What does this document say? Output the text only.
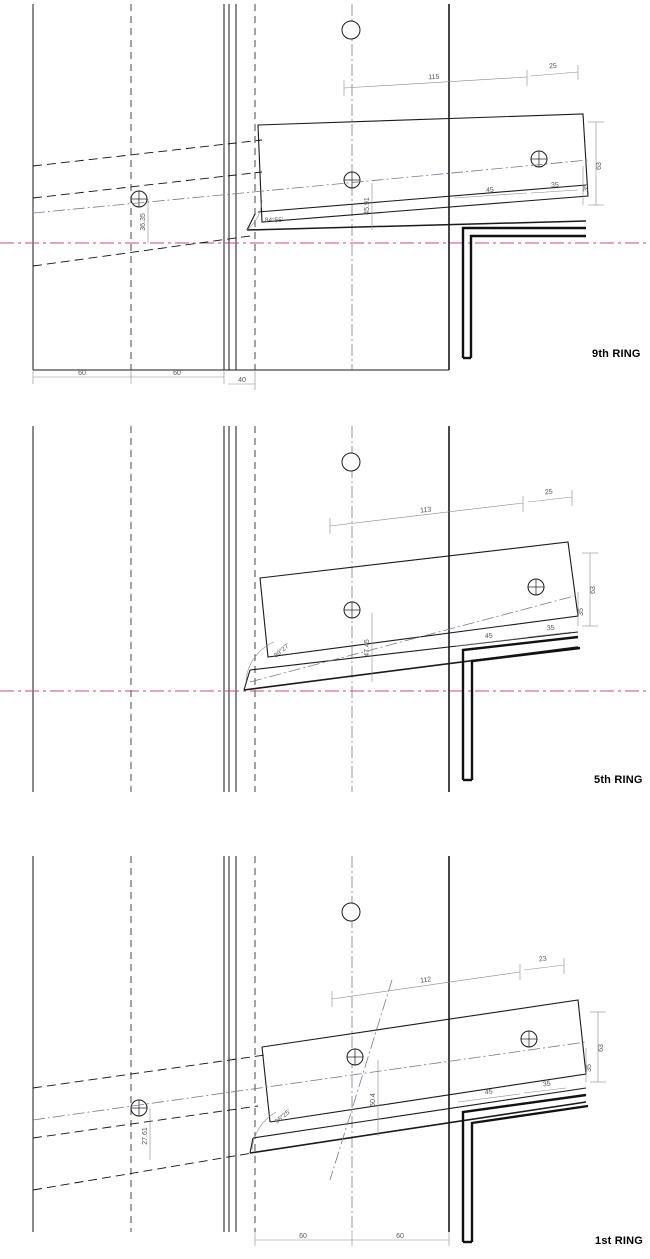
115
25
63
35
45
35
45.91
36.35	84°55'
60	60
40
9th RING
113
25
63
35
45
35
47.45
39°27'
5th RING
112
23
63
35
45
35
50.4
27.61
36°25'
60	60	1st RING
